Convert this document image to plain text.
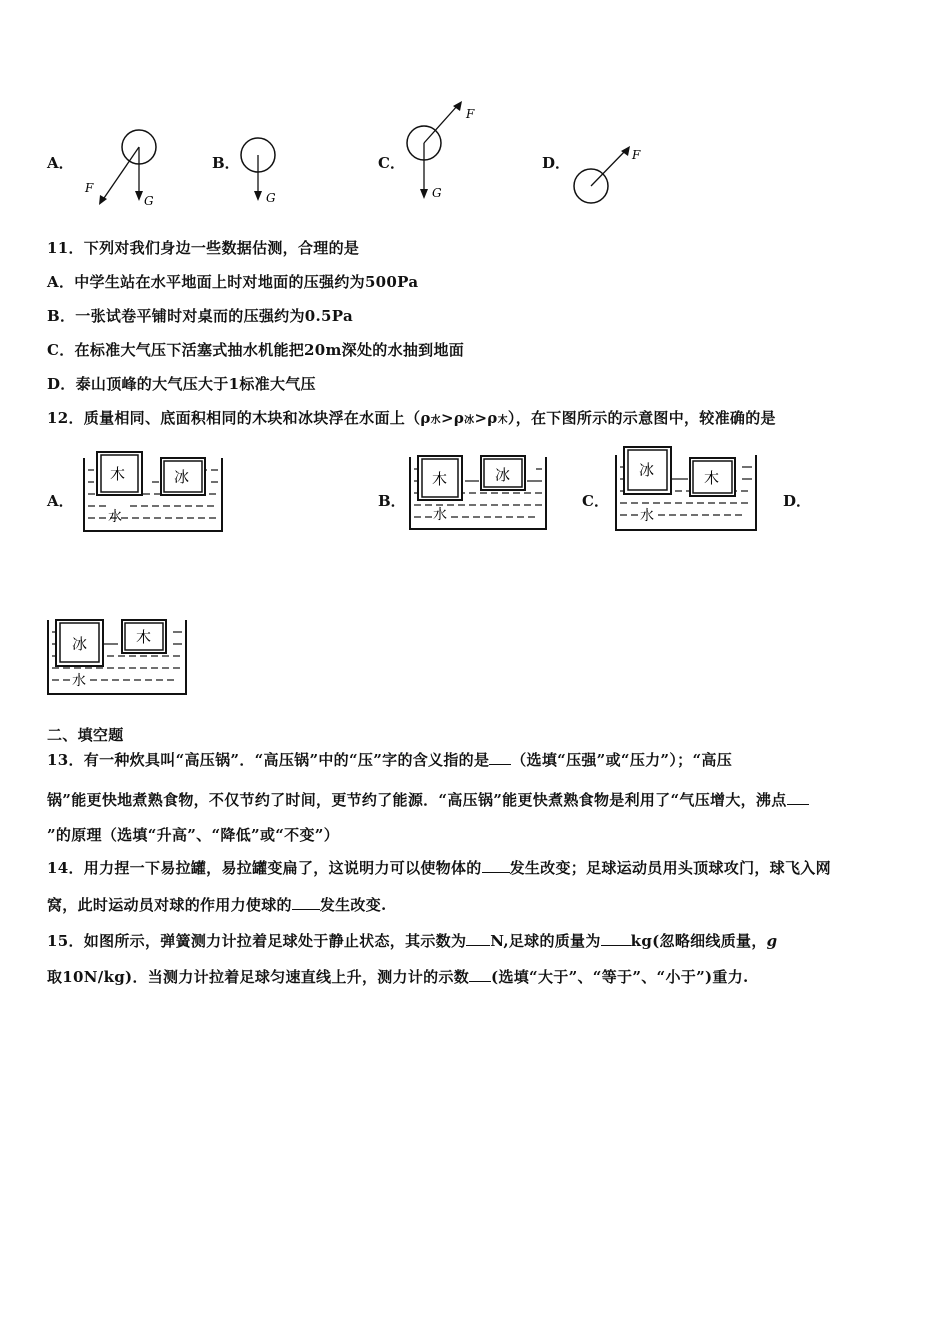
A．
F
G
B．
G
C．
F
G
D．	F
11．下列对我们身边一些数据估测，合理的是
A．中学生站在水平地面上时对地面的压强约为500Pa
B．一张试卷平铺时对桌而的压强约为0.5Pa
C．在标准大气压下活塞式抽水机能把20m深处的水抽到地面
D．泰山顶峰的大气压大于1标准大气压
12．质量相同、底面积相同的木块和冰块浮在水面上（ρ水>ρ冰>ρ木），在下图所示的示意图中，较准确的是
A．
木	冰
水
B．
木	冰
水
C．
冰	木
水
D．
冰	木
水
二、填空题
13．有一种炊具叫“高压锅”．“高压锅”中的“压”字的含义指的是 （选填“压强”或“压力”）；“高压
锅”能更快地煮熟食物，不仅节约了时间，更节约了能源．“高压锅”能更快煮熟食物是利用了“气压增大，沸点
”的原理（选填“升高”、“降低”或“不变”）
14．用力捏一下易拉罐，易拉罐变扁了，这说明力可以使物体的 发生改变；足球运动员用头顶球攻门，球飞入网
窝，此时运动员对球的作用力使球的 发生改变.
15．如图所示，弹簧测力计拉着足球处于静止状态，其示数为 N,足球的质量为 kg(忽略细线质量，g
取10N/kg)．当测力计拉着足球匀速直线上升，测力计的示数 (选填“大于”、“等于”、“小于”)重力.
